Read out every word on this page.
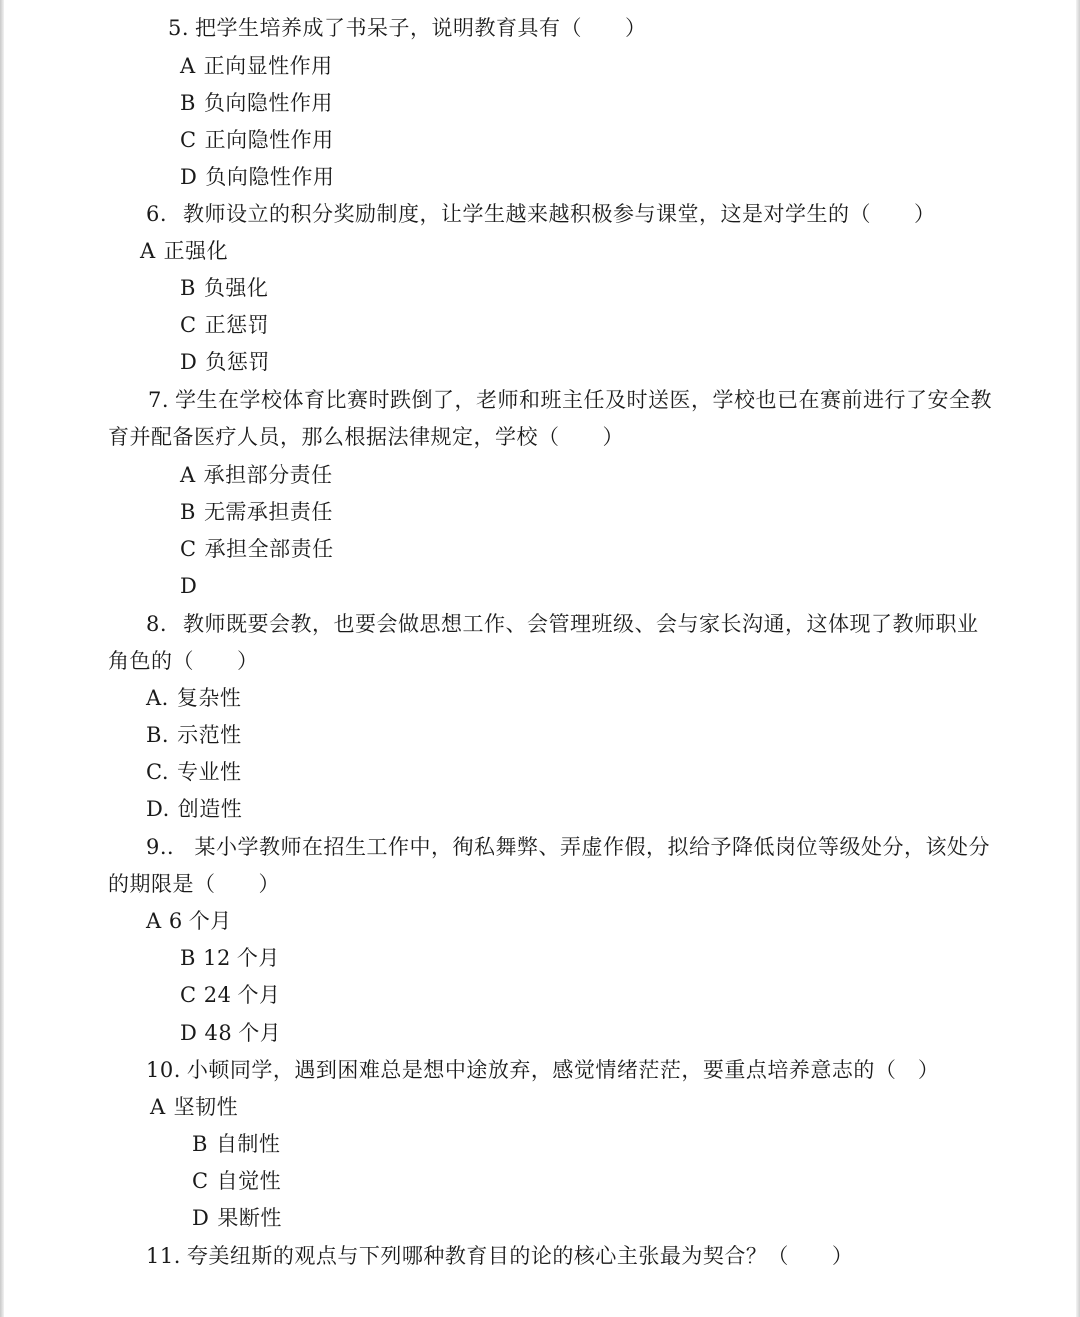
5. 把学生培养成了书呆子，说明教育具有（　　）
A 正向显性作用
B 负向隐性作用
C 正向隐性作用
D 负向隐性作用
6. 教师设立的积分奖励制度，让学生越来越积极参与课堂，这是对学生的（　　）
A 正强化
B 负强化
C 正惩罚
D 负惩罚
7. 学生在学校体育比赛时跌倒了，老师和班主任及时送医，学校也已在赛前进行了安全教
育并配备医疗人员，那么根据法律规定，学校（　　）
A 承担部分责任
B 无需承担责任
C 承担全部责任
D
8. 教师既要会教，也要会做思想工作、会管理班级、会与家长沟通，这体现了教师职业
角色的（　　）
A. 复杂性
B. 示范性
C. 专业性
D. 创造性
9.． 某小学教师在招生工作中，徇私舞弊、弄虚作假，拟给予降低岗位等级处分，该处分
的期限是（　　）
A 6 个月
B 12 个月
C 24 个月
D 48 个月
10. 小顿同学，遇到困难总是想中途放弃，感觉情绪茫茫，要重点培养意志的（　）
A 坚韧性
B 自制性
C 自觉性
D 果断性
11. 夸美纽斯的观点与下列哪种教育目的论的核心主张最为契合？（　　）
